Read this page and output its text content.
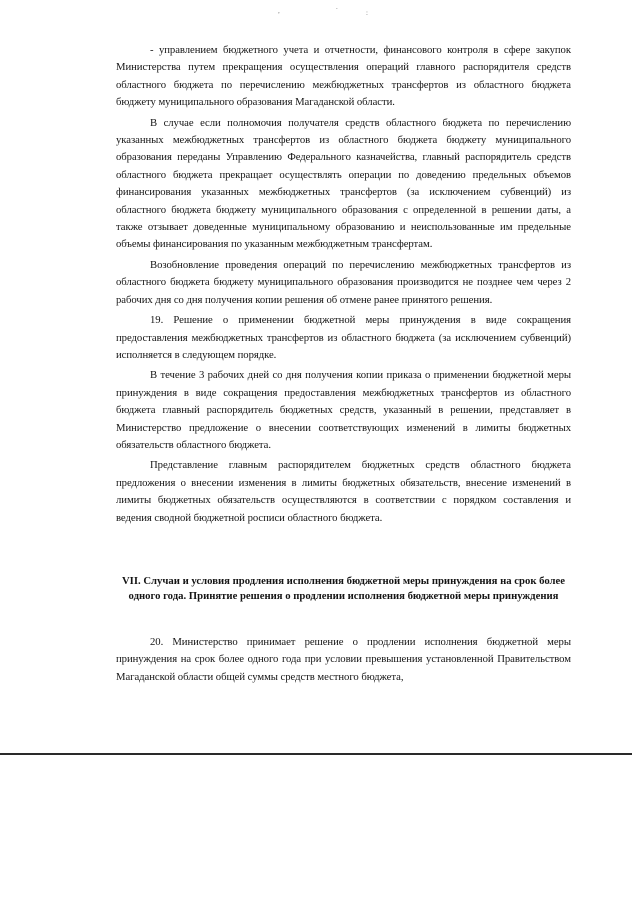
,	.
:

- управлением бюджетного учета и отчетности, финансового контроля в сфере закупок Министерства путем прекращения осуществления операций главного распорядителя средств областного бюджета по перечислению межбюджетных трансфертов из областного бюджета бюджету муниципального образования Магаданской области.

В случае если полномочия получателя средств областного бюджета по перечислению указанных межбюджетных трансфертов из областного бюджета бюджету муниципального образования переданы Управлению Федерального казначейства, главный распорядитель средств областного бюджета прекращает осуществлять операции по доведению предельных объемов финансирования указанных межбюджетных трансфертов (за исключением субвенций) из областного бюджета бюджету муниципального образования с определенной в решении даты, а также отзывает доведенные муниципальному образованию и неиспользованные им предельные объемы финансирования по указанным межбюджетным трансфертам.

Возобновление проведения операций по перечислению межбюджетных трансфертов из областного бюджета бюджету муниципального образования производится не позднее чем через 2 рабочих дня со дня получения копии решения об отмене ранее принятого решения.

19. Решение о применении бюджетной меры принуждения в виде сокращения предоставления межбюджетных трансфертов из областного бюджета (за исключением субвенций) исполняется в следующем порядке.

В течение 3 рабочих дней со дня получения копии приказа о применении бюджетной меры принуждения в виде сокращения предоставления межбюджетных трансфертов из областного бюджета главный распорядитель бюджетных средств, указанный в решении, представляет в Министерство предложение о внесении соответствующих изменений в лимиты бюджетных обязательств областного бюджета.

Представление главным распорядителем бюджетных средств областного бюджета предложения о внесении изменения в лимиты бюджетных обязательств, внесение изменений в лимиты бюджетных обязательств осуществляются в соответствии с порядком составления и ведения сводной бюджетной росписи областного бюджета.

VII. Случаи и условия продления исполнения бюджетной меры принуждения на срок более одного года. Принятие решения о продлении исполнения бюджетной меры принуждения

20. Министерство принимает решение о продлении исполнения бюджетной меры принуждения на срок более одного года при условии превышения установленной Правительством Магаданской области общей суммы средств местного бюджета,
